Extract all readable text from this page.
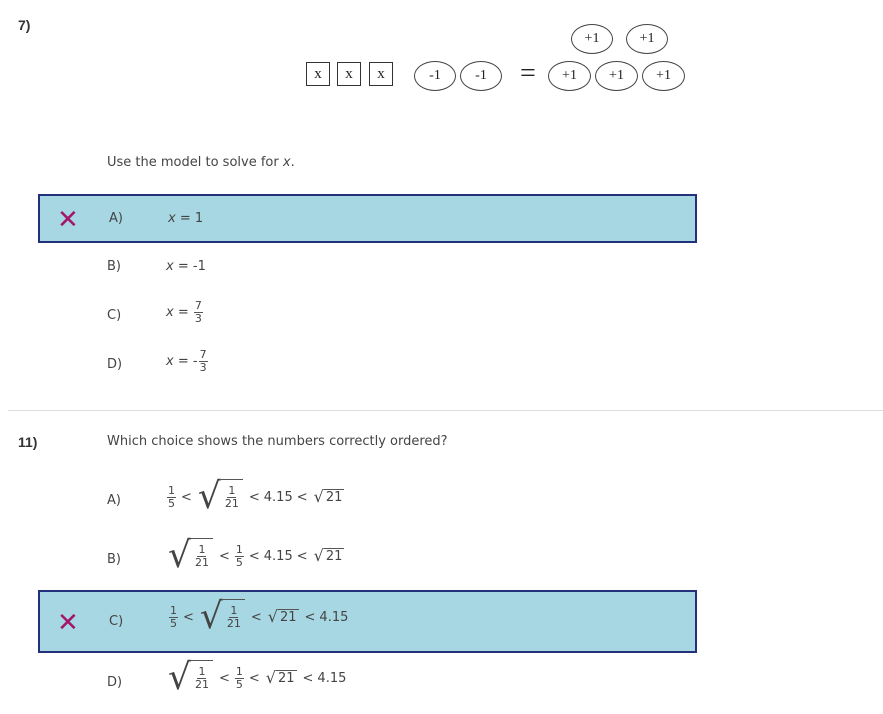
7)
x	x	x	-1	-1	=
+1	+1
+1	+1	+1
Use the model to solve for x.
✕ A)	x = 1
B)	x = -1
C)	$x = \frac{7}{3}$
D)	x = - $\frac{7}{3}$
11)	Which choice shows the numbers correctly ordered?
A)	$\frac{1}{5}$ < √ $\frac{1}{21} < 4.15$ < √ 21
B) √ $\frac{1}{21} < \frac{1}{5} < 4.15$ < √ 21
✕ C)	$\frac{1}{5}$ < √ $\frac{1}{21}$ < √ 21 < 4.15
D) √ $\frac{1}{21} < \frac{1}{5}$ < √ 21 < 4.15
